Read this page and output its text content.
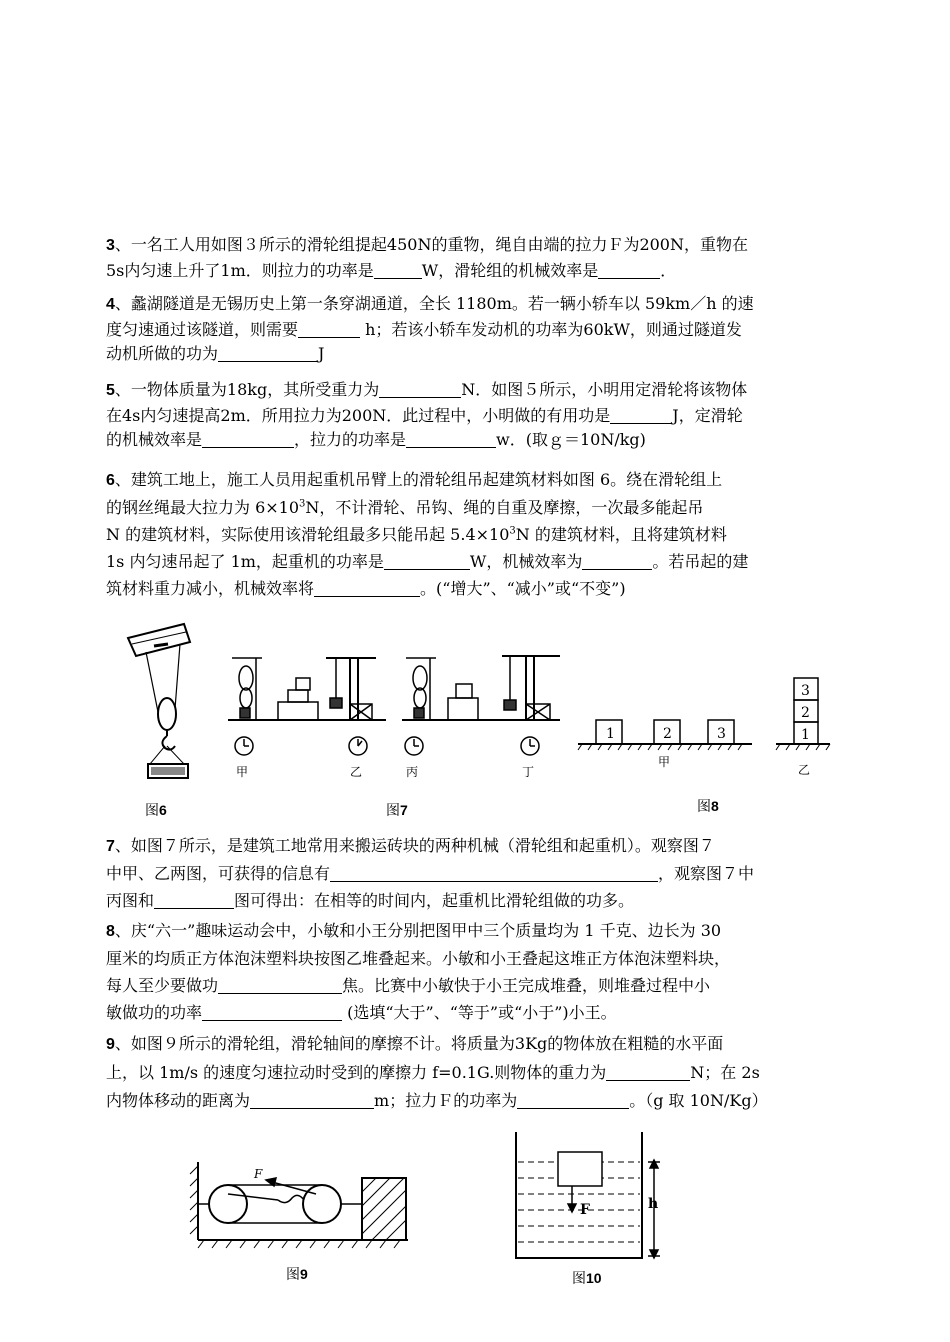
3、一名工人用如图３所示的滑轮组提起450N的重物，绳自由端的拉力Ｆ为200N，重物在

5s内匀速上升了1m．则拉力的功率是	W，滑轮组的机械效率是	．

4、蠡湖隧道是无锡历史上第一条穿湖通道，全长 1180m。若一辆小轿车以 59km／h 的速

度匀速通过该隧道，则需要	h；若该小轿车发动机的功率为60kW，则通过隧道发

动机所做的功为	J

5、一物体质量为18kg，其所受重力为	N．如图５所示，小明用定滑轮将该物体

在4s内匀速提高2m．所用拉力为200N．此过程中，小明做的有用功是	J，定滑轮

的机械效率是	，拉力的功率是	w．(取ｇ＝10N/kg)

6、建筑工地上，施工人员用起重机吊臂上的滑轮组吊起建筑材料如图 6。绕在滑轮组上

的钢丝绳最大拉力为 $6\times 10^3N$，不计滑轮、吊钩、绳的自重及摩擦，一次最多能起吊

N 的建筑材料，实际使用该滑轮组最多只能吊起 $5.4\times 10^3N$ 的建筑材料，且将建筑材料

1s 内匀速吊起了 1m，起重机的功率是	W，机械效率为	。若吊起的建

筑材料重力减小，机械效率将	。(“增大”、“减小”或“不变”)

图6
甲	乙	丙	丁
图7
1	2	3	1
2
3
甲
乙
图8

7、如图７所示，是建筑工地常用来搬运砖块的两种机械（滑轮组和起重机）。观察图７

中甲、乙两图，可获得的信息有	，观察图７中

丙图和	图可得出：在相等的时间内，起重机比滑轮组做的功多。

8、庆“六一”趣味运动会中，小敏和小王分别把图甲中三个质量均为 1 千克、边长为 30

厘米的均质正方体泡沫塑料块按图乙堆叠起来。小敏和小王叠起这堆正方体泡沫塑料块，

每人至少要做功	焦。比赛中小敏快于小王完成堆叠，则堆叠过程中小

敏做功的功率	(选填“大于”、“等于”或“小于”)小王。

9、如图９所示的滑轮组，滑轮轴间的摩擦不计。将质量为3Kg的物体放在粗糙的水平面

上，以 1m/s 的速度匀速拉动时受到的摩擦力 f=0.1G.则物体的重力为	N；在 2s

内物体移动的距离为	m；拉力Ｆ的功率为	。（g 取 10N/Kg）

F
图9
F	h
图10
